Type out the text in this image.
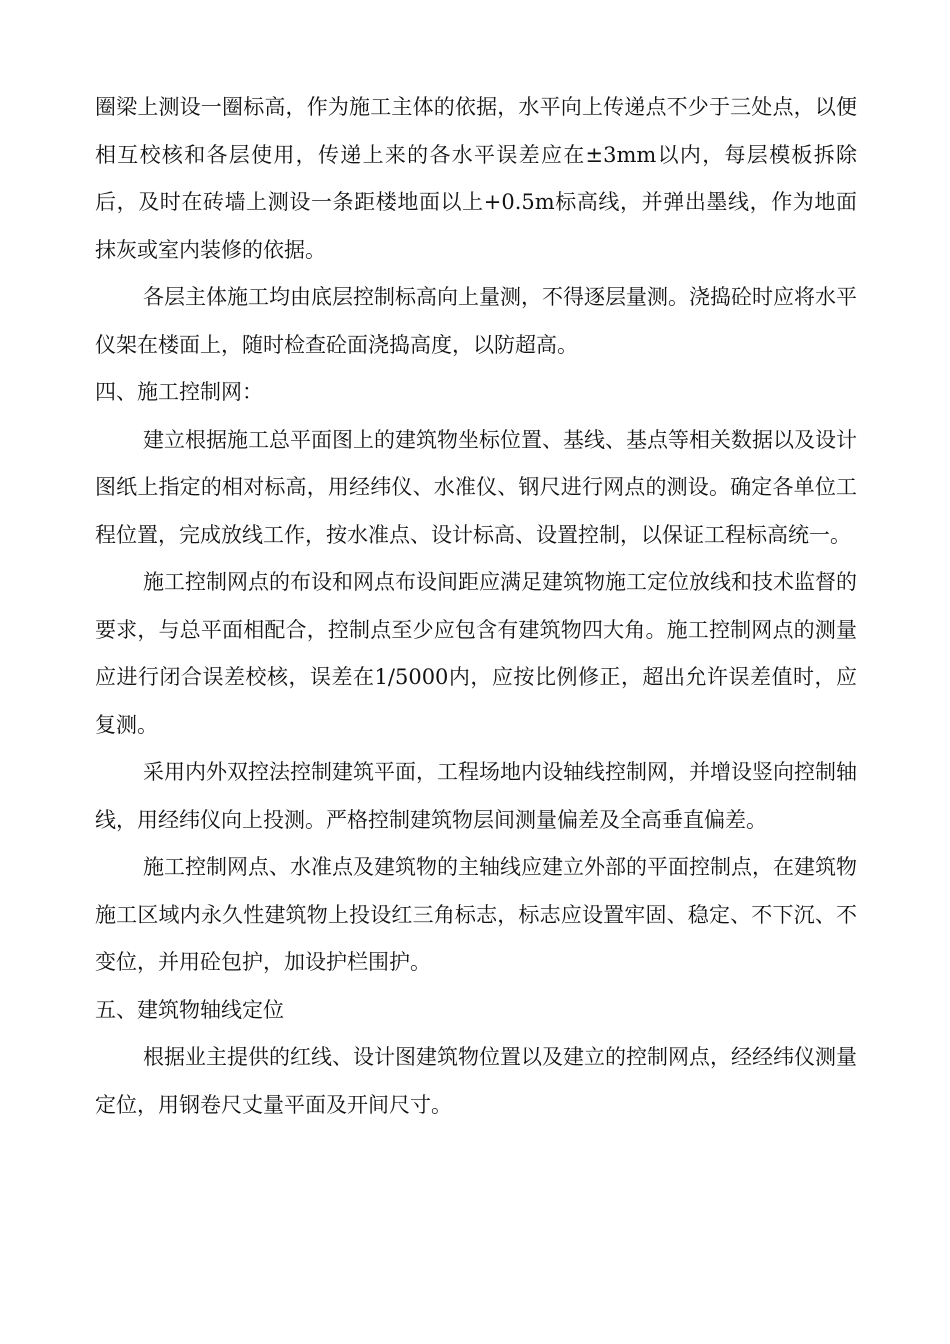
圈梁上测设一圈标高，作为施工主体的依据，水平向上传递点不少于三处点，以便相互校核和各层使用，传递上来的各水平误差应在±3mm以内，每层模板拆除后，及时在砖墙上测设一条距楼地面以上+0.5m标高线，并弹出墨线，作为地面抹灰或室内装修的依据。

各层主体施工均由底层控制标高向上量测，不得逐层量测。浇捣砼时应将水平仪架在楼面上，随时检查砼面浇捣高度，以防超高。

四、施工控制网：

建立根据施工总平面图上的建筑物坐标位置、基线、基点等相关数据以及设计图纸上指定的相对标高，用经纬仪、水准仪、钢尺进行网点的测设。确定各单位工程位置，完成放线工作，按水准点、设计标高、设置控制，以保证工程标高统一。

施工控制网点的布设和网点布设间距应满足建筑物施工定位放线和技术监督的要求，与总平面相配合，控制点至少应包含有建筑物四大角。施工控制网点的测量应进行闭合误差校核，误差在1/5000内，应按比例修正，超出允许误差值时，应复测。

采用内外双控法控制建筑平面，工程场地内设轴线控制网，并增设竖向控制轴线，用经纬仪向上投测。严格控制建筑物层间测量偏差及全高垂直偏差。

施工控制网点、水准点及建筑物的主轴线应建立外部的平面控制点，在建筑物施工区域内永久性建筑物上投设红三角标志，标志应设置牢固、稳定、不下沉、不变位，并用砼包护，加设护栏围护。

五、建筑物轴线定位

根据业主提供的红线、设计图建筑物位置以及建立的控制网点，经经纬仪测量定位，用钢卷尺丈量平面及开间尺寸。
